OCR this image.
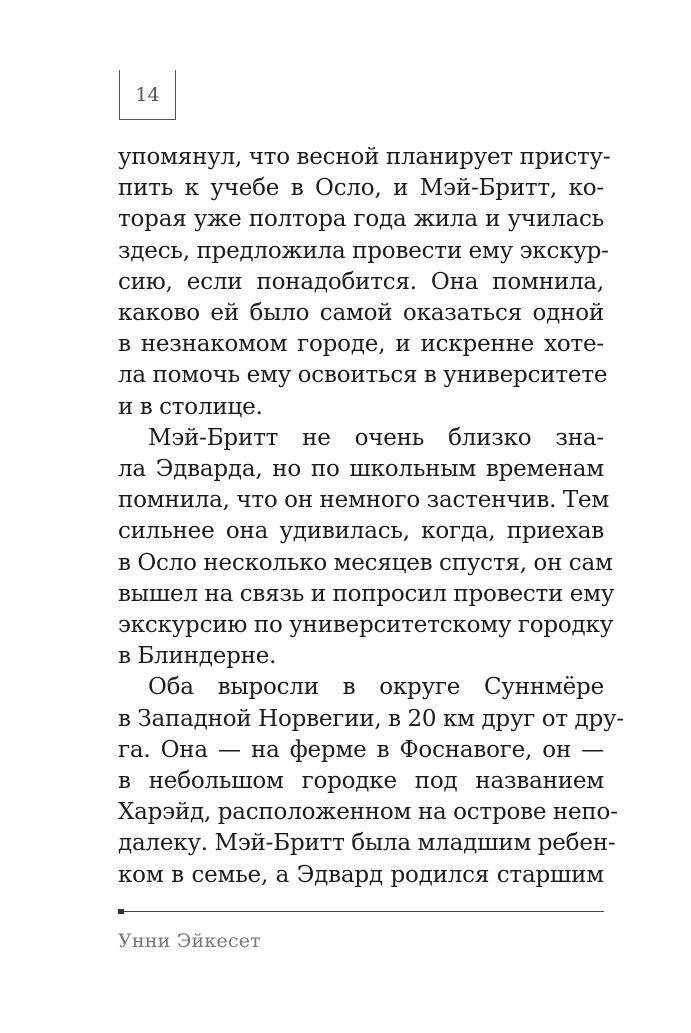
14

упомянул, что весной планирует присту-
пить к учебе в Осло, и Мэй-Бритт, ко-
торая уже полтора года жила и училась
здесь, предложила провести ему экскур-
сию, если понадобится. Она помнила,
каково ей было самой оказаться одной
в незнакомом городе, и искренне хоте-
ла помочь ему освоиться в университете
и в столице.

Мэй-Бритт не очень близко зна-
ла Эдварда, но по школьным временам
помнила, что он немного застенчив. Тем
сильнее она удивилась, когда, приехав
в Осло несколько месяцев спустя, он сам
вышел на связь и попросил провести ему
экскурсию по университетскому городку
в Блиндерне.

Оба выросли в округе Суннмёре
в Западной Норвегии, в 20 км друг от дру-
га. Она — на ферме в Фоснавоге, он —
в небольшом городке под названием
Харэйд, расположенном на острове непо-
далеку. Мэй-Бритт была младшим ребен-
ком в семье, а Эдвард родился старшим

Унни Эйкесет
